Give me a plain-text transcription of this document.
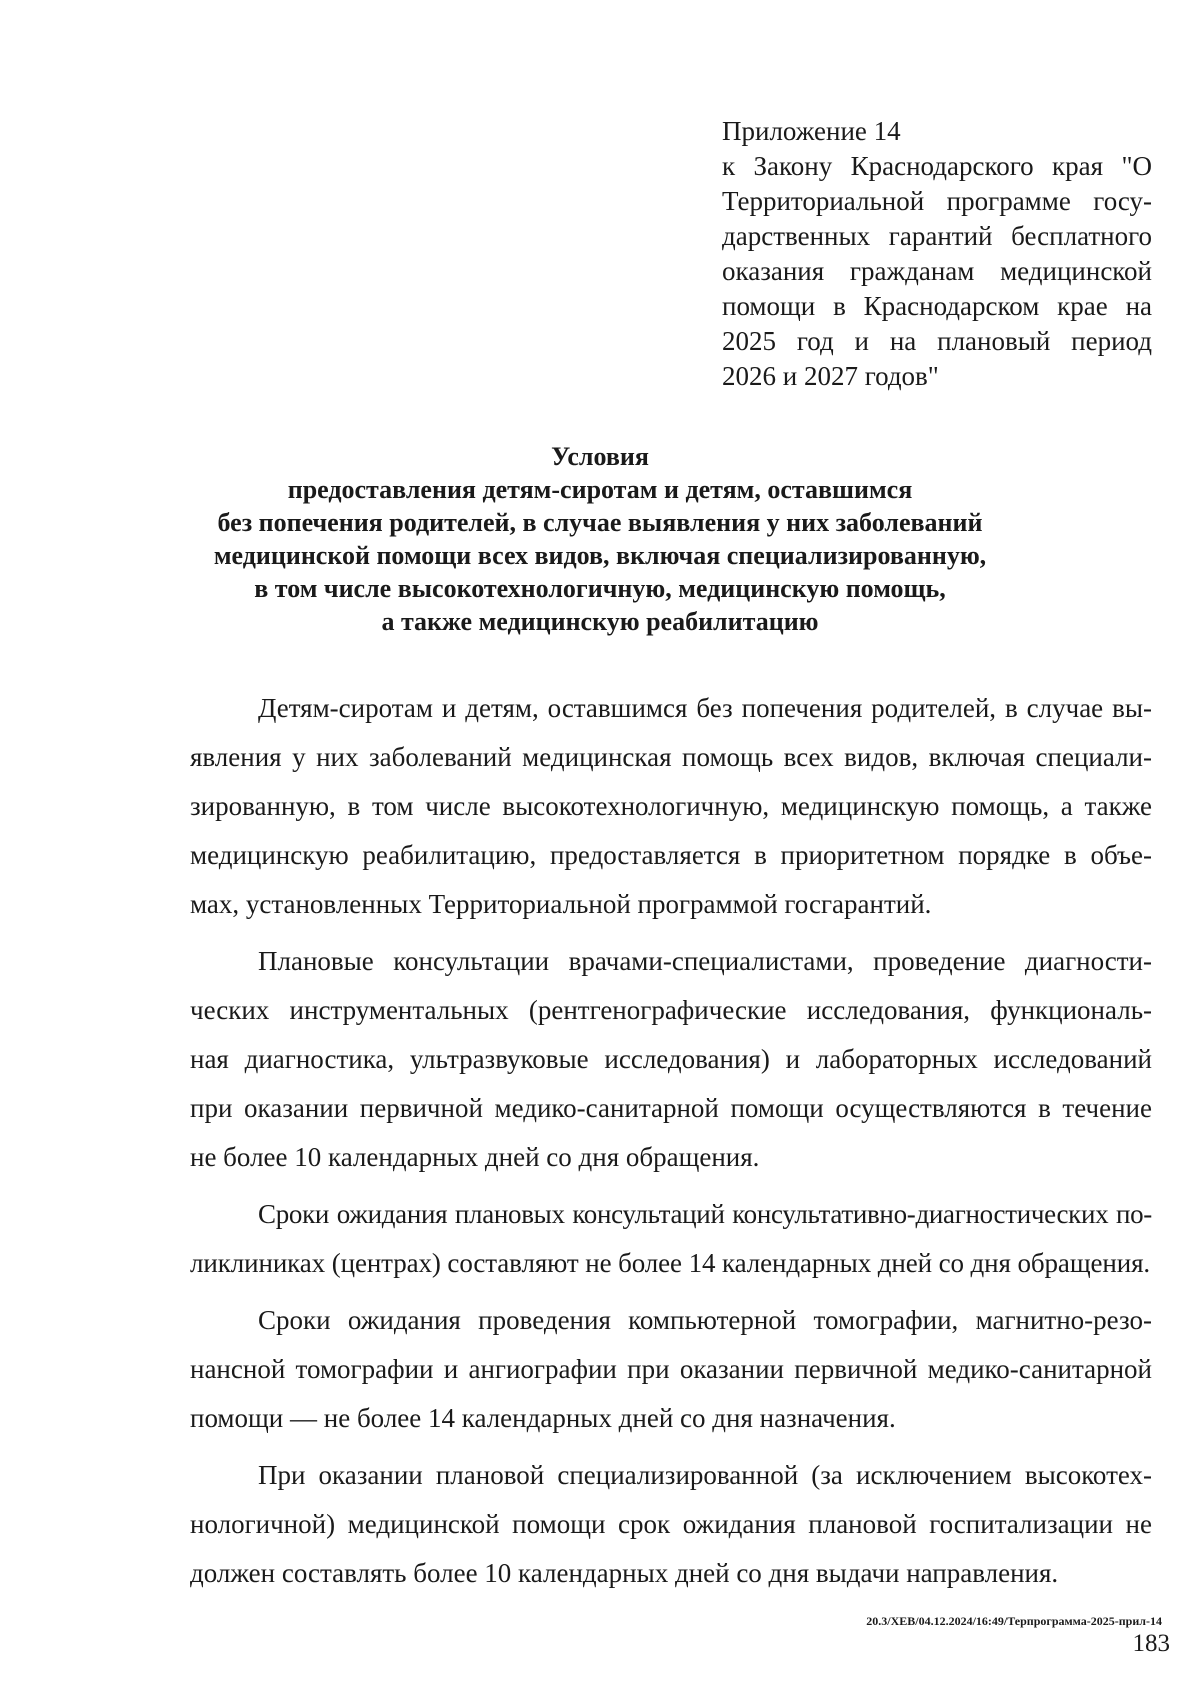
Приложение 14
к Закону Краснодарского края "О
Территориальной программе госу-
дарственных гарантий бесплатного
оказания гражданам медицинской
помощи в Краснодарском крае на
2025 год и на плановый период
2026 и 2027 годов"
Условия
предоставления детям-сиротам и детям, оставшимся
без попечения родителей, в случае выявления у них заболеваний
медицинской помощи всех видов, включая специализированную,
в том числе высокотехнологичную, медицинскую помощь,
а также медицинскую реабилитацию
Детям-сиротам и детям, оставшимся без попечения родителей, в случае вы-
явления у них заболеваний медицинская помощь всех видов, включая специали-
зированную, в том числе высокотехнологичную, медицинскую помощь, а также
медицинскую реабилитацию, предоставляется в приоритетном порядке в объе-
мах, установленных Территориальной программой госгарантий.
Плановые консультации врачами-специалистами, проведение диагности-
ческих инструментальных (рентгенографические исследования, функциональ-
ная диагностика, ультразвуковые исследования) и лабораторных исследований
при оказании первичной медико-санитарной помощи осуществляются в течение
не более 10 календарных дней со дня обращения.
Сроки ожидания плановых консультаций консультативно-диагностических по-
ликлиниках (центрах) составляют не более 14 календарных дней со дня обращения.
Сроки ожидания проведения компьютерной томографии, магнитно-резо-
нансной томографии и ангиографии при оказании первичной медико-санитарной
помощи — не более 14 календарных дней со дня назначения.
При оказании плановой специализированной (за исключением высокотех-
нологичной) медицинской помощи срок ожидания плановой госпитализации не
должен составлять более 10 календарных дней со дня выдачи направления.
20.3/ХЕВ/04.12.2024/16:49/Терпрограмма-2025-прил-14
183
